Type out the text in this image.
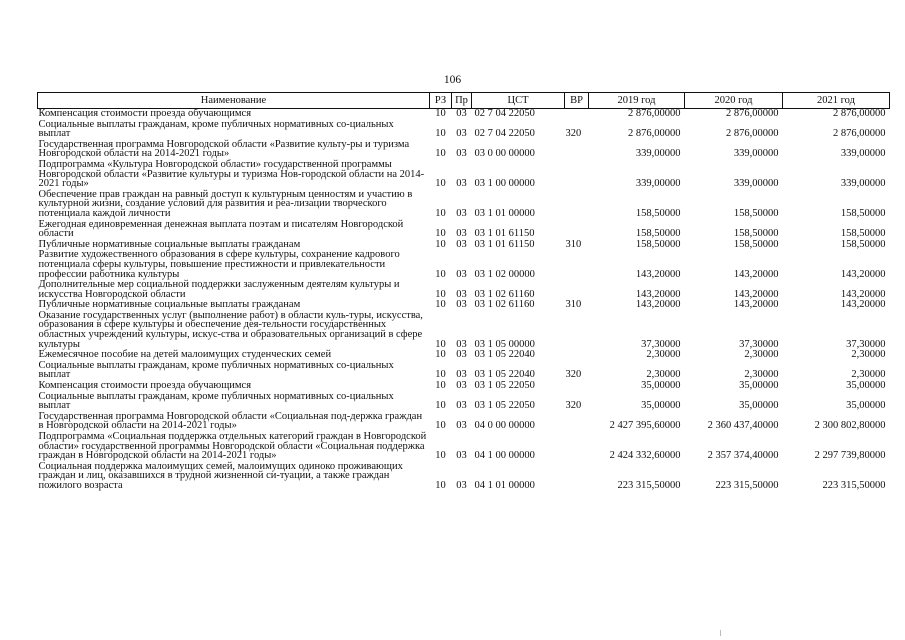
106
Наименование	РЗ	Пр	ЦСТ	ВР	2019 год	2020 год	2021 год
Компенсация стоимости проезда обучающимся	10	03	02 7 04 22050		2 876,00000	2 876,00000	2 876,00000
Социальные выплаты гражданам, кроме публичных нормативных со-циальных выплат	10	03	02 7 04 22050	320	2 876,00000	2 876,00000	2 876,00000
Государственная программа Новгородской области «Развитие культу-ры и туризма Новгородской области на 2014-2021 годы»	10	03	03 0 00 00000		339,00000	339,00000	339,00000
Подпрограмма «Культура Новгородской области» государственной программы Новгородской области «Развитие культуры и туризма Нов-городской области на 2014-2021 годы»	10	03	03 1 00 00000		339,00000	339,00000	339,00000
Обеспечение прав граждан на равный доступ к культурным ценностям и участию в культурной жизни, создание условий для развития и реа-лизации творческого потенциала каждой личности	10	03	03 1 01 00000		158,50000	158,50000	158,50000
Ежегодная единовременная денежная выплата поэтам и писателям Новгородской области	10	03	03 1 01 61150		158,50000	158,50000	158,50000
Публичные нормативные социальные выплаты гражданам	10	03	03 1 01 61150	310	158,50000	158,50000	158,50000
Развитие художественного образования в сфере культуры, сохранение кадрового потенциала сферы культуры, повышение престижности и привлекательности профессии работника культуры	10	03	03 1 02 00000		143,20000	143,20000	143,20000
Дополнительные мер социальной поддержки заслуженным деятелям культуры и искусства Новгородской области	10	03	03 1 02 61160		143,20000	143,20000	143,20000
Публичные нормативные социальные выплаты гражданам	10	03	03 1 02 61160	310	143,20000	143,20000	143,20000
Оказание государственных услуг (выполнение работ) в области куль-туры, искусства, образования в сфере культуры и обеспечение дея-тельности государственных областных учреждений культуры, искус-ства и образовательных организаций в сфере культуры	10	03	03 1 05 00000		37,30000	37,30000	37,30000
Ежемесячное пособие на детей малоимущих студенческих семей	10	03	03 1 05 22040		2,30000	2,30000	2,30000
Социальные выплаты гражданам, кроме публичных нормативных со-циальных выплат	10	03	03 1 05 22040	320	2,30000	2,30000	2,30000
Компенсация стоимости проезда обучающимся	10	03	03 1 05 22050		35,00000	35,00000	35,00000
Социальные выплаты гражданам, кроме публичных нормативных со-циальных выплат	10	03	03 1 05 22050	320	35,00000	35,00000	35,00000
Государственная программа Новгородской области «Социальная под-держка граждан в Новгородской области на 2014-2021 годы»	10	03	04 0 00 00000		2 427 395,60000	2 360 437,40000	2 300 802,80000
Подпрограмма «Социальная поддержка отдельных категорий граждан в Новгородской области» государственной программы Новгородской области «Социальная поддержка граждан в Новгородской области на 2014-2021 годы»	10	03	04 1 00 00000		2 424 332,60000	2 357 374,40000	2 297 739,80000
Социальная поддержка малоимущих семей, малоимущих одиноко проживающих граждан и лиц, оказавшихся в трудной жизненной си-туации, а также граждан пожилого возраста	10	03	04 1 01 00000		223 315,50000	223 315,50000	223 315,50000
